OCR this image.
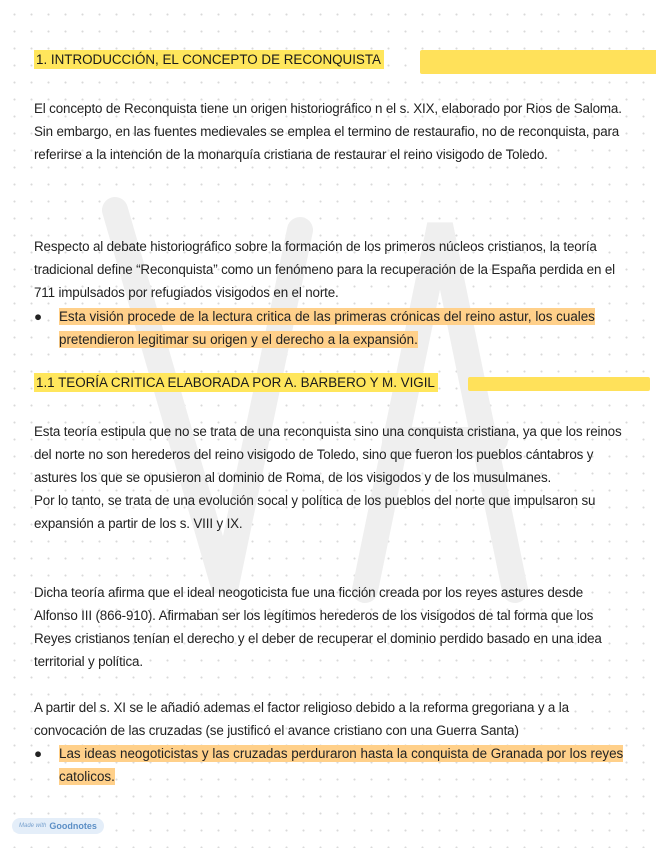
1. INTRODUCCIÓN, EL CONCEPTO DE RECONQUISTA

El concepto de Reconquista tiene un origen historiográfico n el s. XIX, elaborado por Rios de Saloma.
Sin embargo, en las fuentes medievales se emplea el termino de restaurafio, no de reconquista, para referirse a la intención de la monarquía cristiana de restaurar el reino visigodo de Toledo.

Respecto al debate historiográfico sobre la formación de los primeros núcleos cristianos, la teoría tradicional define “Reconquista” como un fenómeno para la recuperación de la España perdida en el 711 impulsados por refugiados visigodos en el norte.

●	Esta visión procede de la lectura critica de las primeras crónicas del reino astur, los cuales pretendieron legitimar su origen y el derecho a la expansión.
1.1 TEORÍA CRITICA ELABORADA POR A. BARBERO Y M. VIGIL

Esta teoría estipula que no se trata de una reconquista sino una conquista cristiana, ya que los reinos del norte no son herederos del reino visigodo de Toledo, sino que fueron los pueblos cántabros y astures los que se opusieron al dominio de Roma, de los visigodos y de los musulmanes.
Por lo tanto, se trata de una evolución socal y política de los pueblos del norte que impulsaron su expansión a partir de los s. VIII y IX.

Dicha teoría afirma que el ideal neogoticista fue una ficción creada por los reyes astures desde Alfonso III (866-910). Afirmaban ser los legítimos herederos de los visigodos de tal forma que los Reyes cristianos tenían el derecho y el deber de recuperar el dominio perdido basado en una idea territorial y política.

A partir del s. XI se le añadió ademas el factor religioso debido a la reforma gregoriana y a la convocación de las cruzadas (se justificó el avance cristiano con una Guerra Santa)

●	Las ideas neogoticistas y las cruzadas perduraron hasta la conquista de Granada por los reyes catolicos.
Made with Goodnotes
